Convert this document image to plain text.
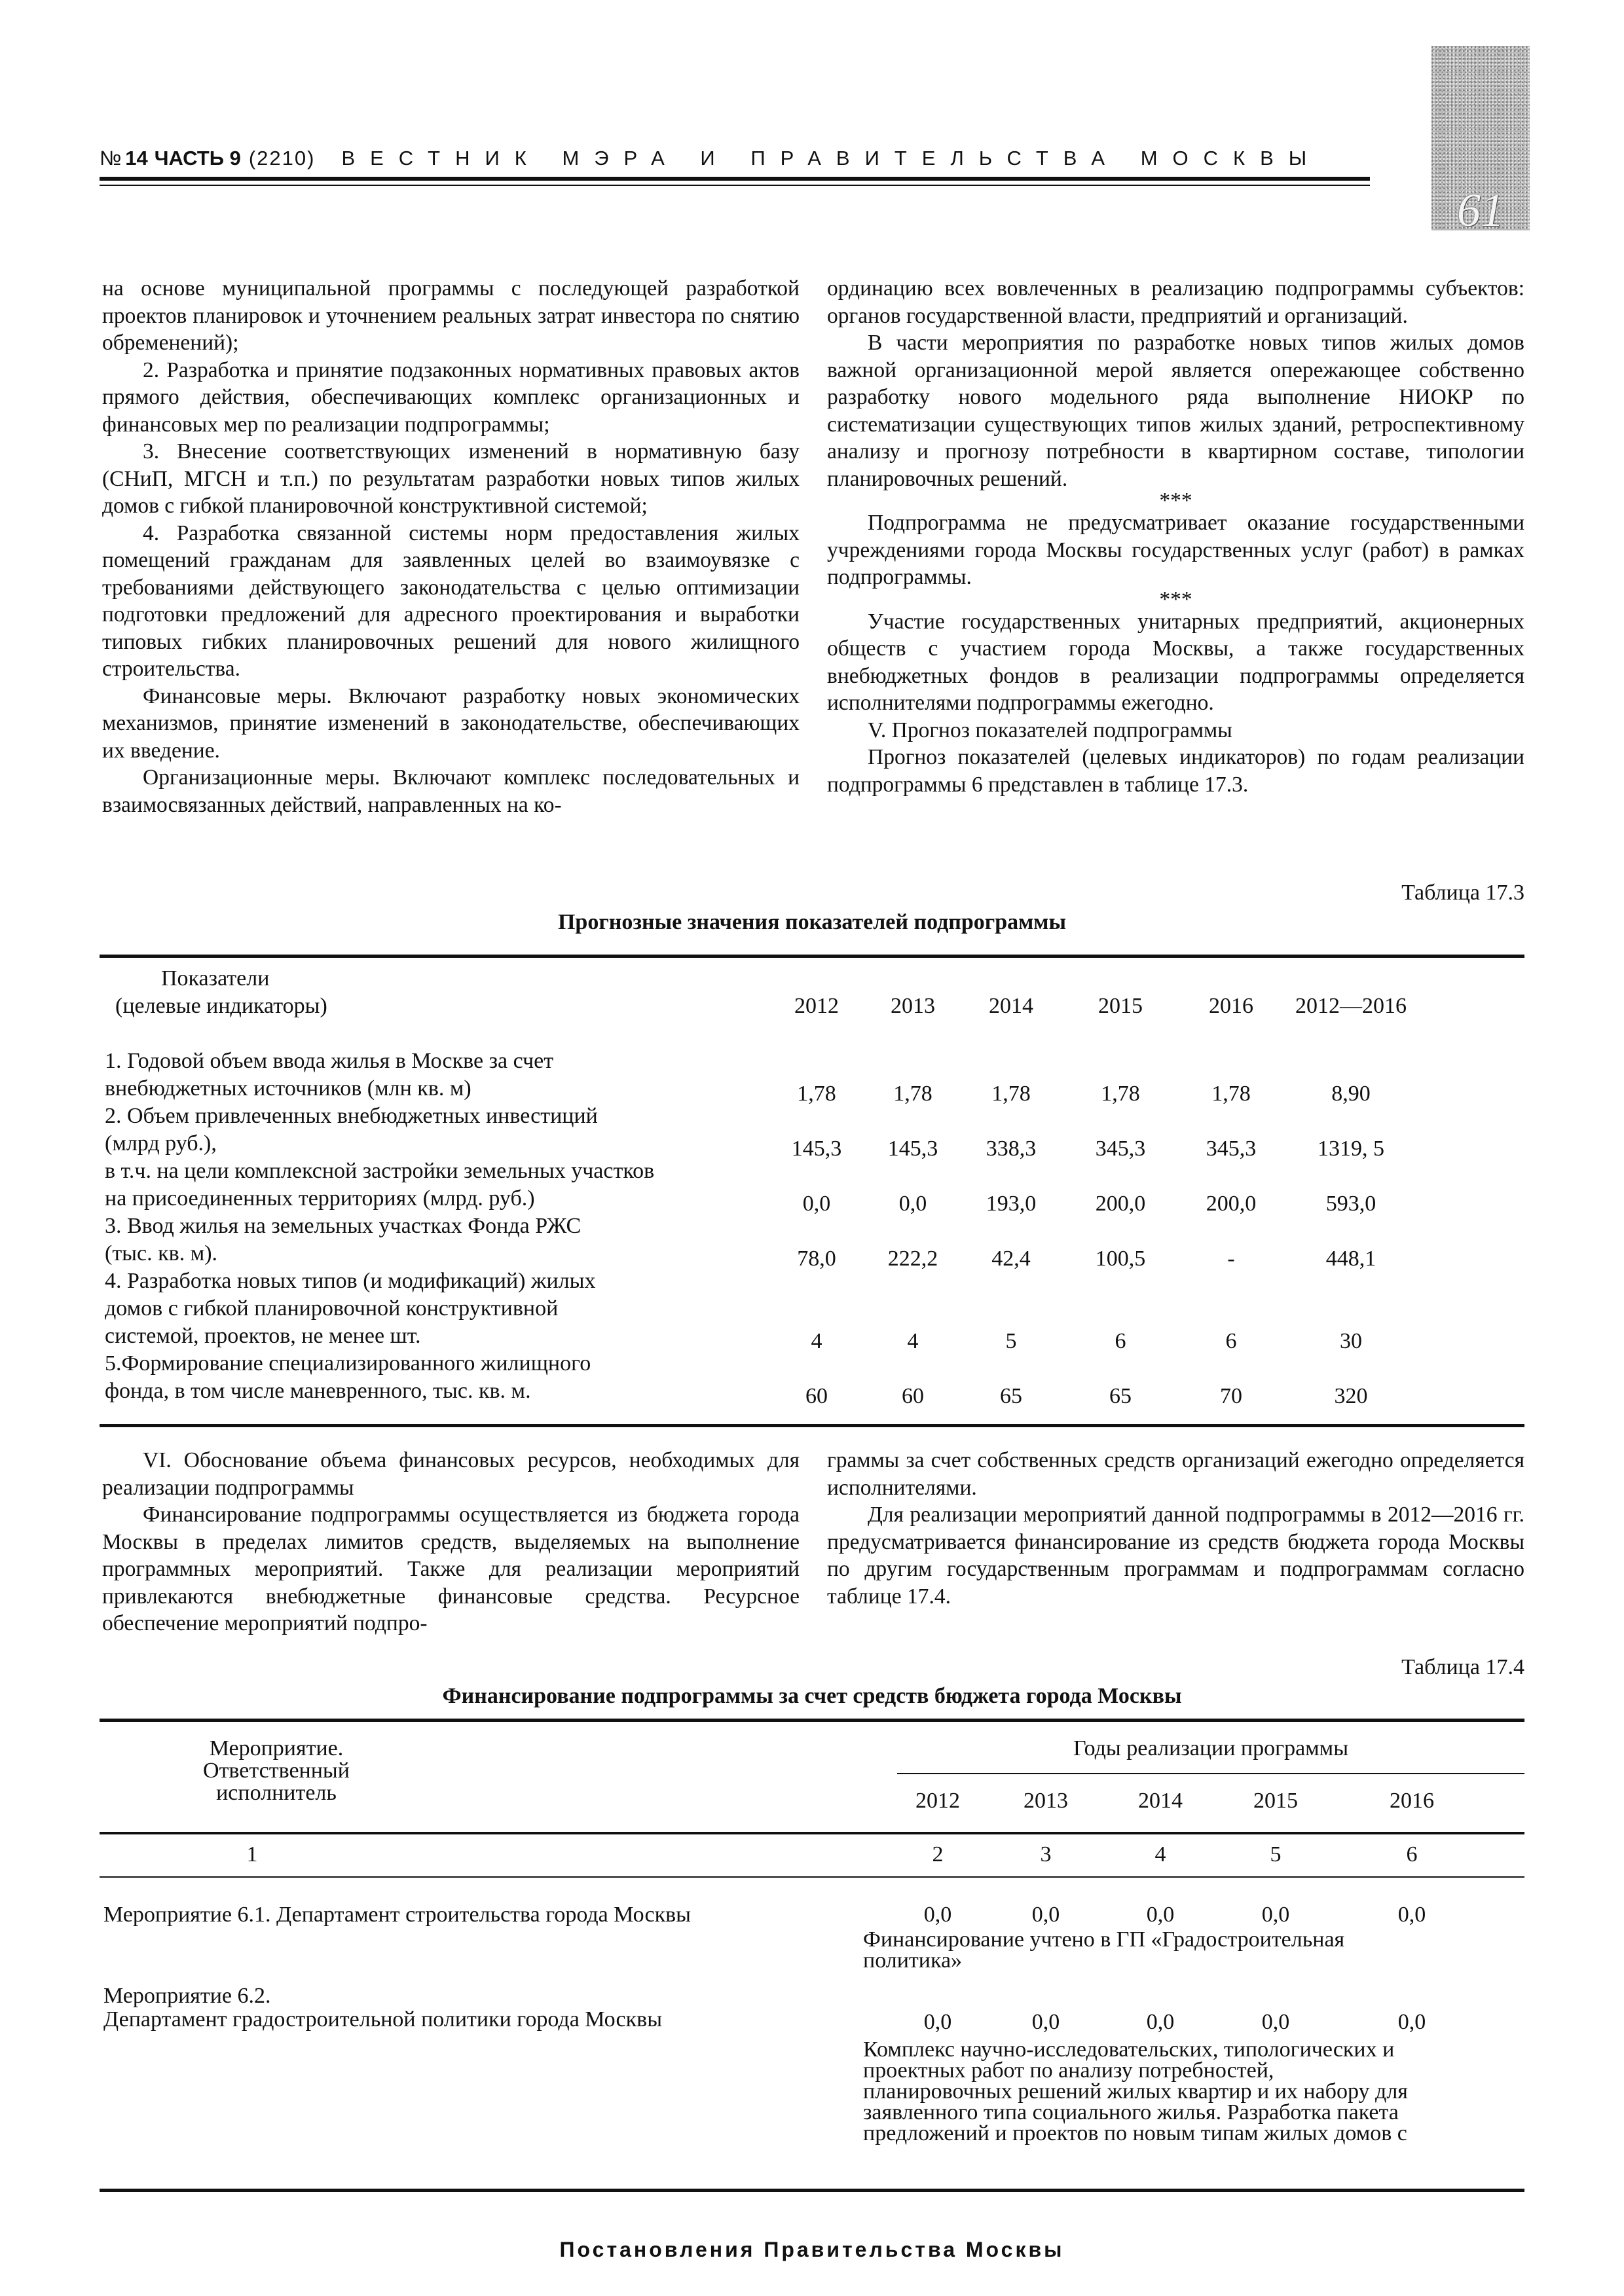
№ 14 ЧАСТЬ 9 (2210) ВЕСТНИК МЭРА И ПРАВИТЕЛЬСТВА МОСКВЫ
61

на основе муниципальной программы с последующей разработкой проектов планировок и уточнением реальных затрат инвестора по снятию обременений);

2. Разработка и принятие подзаконных нормативных правовых актов прямого действия, обеспечивающих комплекс организационных и финансовых мер по реализации подпрограммы;

3. Внесение соответствующих изменений в нормативную базу (СНиП, МГСН и т.п.) по результатам разработки новых типов жилых домов с гибкой планировочной конструктивной системой;

4. Разработка связанной системы норм предоставления жилых помещений гражданам для заявленных целей во взаимоувязке с требованиями действующего законодательства с целью оптимизации подготовки предложений для адресного проектирования и выработки типовых гибких планировочных решений для нового жилищного строительства.

Финансовые меры. Включают разработку новых экономических механизмов, принятие изменений в законодательстве, обеспечивающих их введение.

Организационные меры. Включают комплекс последовательных и взаимосвязанных действий, направленных на ко-

ординацию всех вовлеченных в реализацию подпрограммы субъектов: органов государственной власти, предприятий и организаций.

В части мероприятия по разработке новых типов жилых домов важной организационной мерой является опережающее собственно разработку нового модельного ряда выполнение НИОКР по систематизации существующих типов жилых зданий, ретроспективному анализу и прогнозу потребности в квартирном составе, типологии планировочных решений.

***

Подпрограмма не предусматривает оказание государственными учреждениями города Москвы государственных услуг (работ) в рамках подпрограммы.

***

Участие государственных унитарных предприятий, акционерных обществ с участием города Москвы, а также государственных внебюджетных фондов в реализации подпрограммы определяется исполнителями подпрограммы ежегодно.

V. Прогноз показателей подпрограммы

Прогноз показателей (целевых индикаторов) по годам реализации подпрограммы 6 представлен в таблице 17.3.

Таблица 17.3
Прогнозные значения показателей подпрограммы
Показатели
(целевые индикаторы)	2012	2013	2014	2015	2016	2012—2016
1. Годовой объем ввода жилья в Москве за счет
внебюджетных источников (млн кв. м)	1,78	1,78	1,78	1,78	1,78	8,90
2. Объем привлеченных внебюджетных инвестиций
(млрд руб.),	145,3	145,3	338,3	345,3	345,3	1319, 5
в т.ч. на цели комплексной застройки земельных участков
на присоединенных территориях (млрд. руб.)	0,0	0,0	193,0	200,0	200,0	593,0
3. Ввод жилья на земельных участках Фонда РЖС
(тыс. кв. м).	78,0	222,2	42,4	100,5	-	448,1
4. Разработка новых типов (и модификаций) жилых
домов с гибкой планировочной конструктивной
системой, проектов, не менее шт.	4	4	5	6	6	30
5.Формирование специализированного жилищного
фонда, в том числе маневренного, тыс. кв. м.	60	60	65	65	70	320

VI. Обоснование объема финансовых ресурсов, необходимых для реализации подпрограммы

Финансирование подпрограммы осуществляется из бюджета города Москвы в пределах лимитов средств, выделяемых на выполнение программных мероприятий. Также для реализации мероприятий привлекаются внебюджетные финансовые средства. Ресурсное обеспечение мероприятий подпро-

граммы за счет собственных средств организаций ежегодно определяется исполнителями.

Для реализации мероприятий данной подпрограммы в 2012—2016 гг. предусматривается финансирование из средств бюджета города Москвы по другим государственным программам и подпрограммам согласно таблице 17.4.

Таблица 17.4
Финансирование подпрограммы за счет средств бюджета города Москвы
Мероприятие.
Ответственный
исполнитель
Годы реализации программы
2012	2013	2014	2015	2016
1	2	3	4	5	6
Мероприятие 6.1. Департамент строительства города Москвы	0,0	0,0	0,0	0,0	0,0
Финансирование учтено в ГП «Градостроительная
политика»
Мероприятие 6.2.
Департамент градостроительной политики города Москвы	0,0	0,0	0,0	0,0	0,0
Комплекс научно-исследовательских, типологических и
проектных работ по анализу потребностей,
планировочных решений жилых квартир и их набору для
заявленного типа социального жилья. Разработка пакета
предложений и проектов по новым типам жилых домов с
Постановления Правительства Москвы
